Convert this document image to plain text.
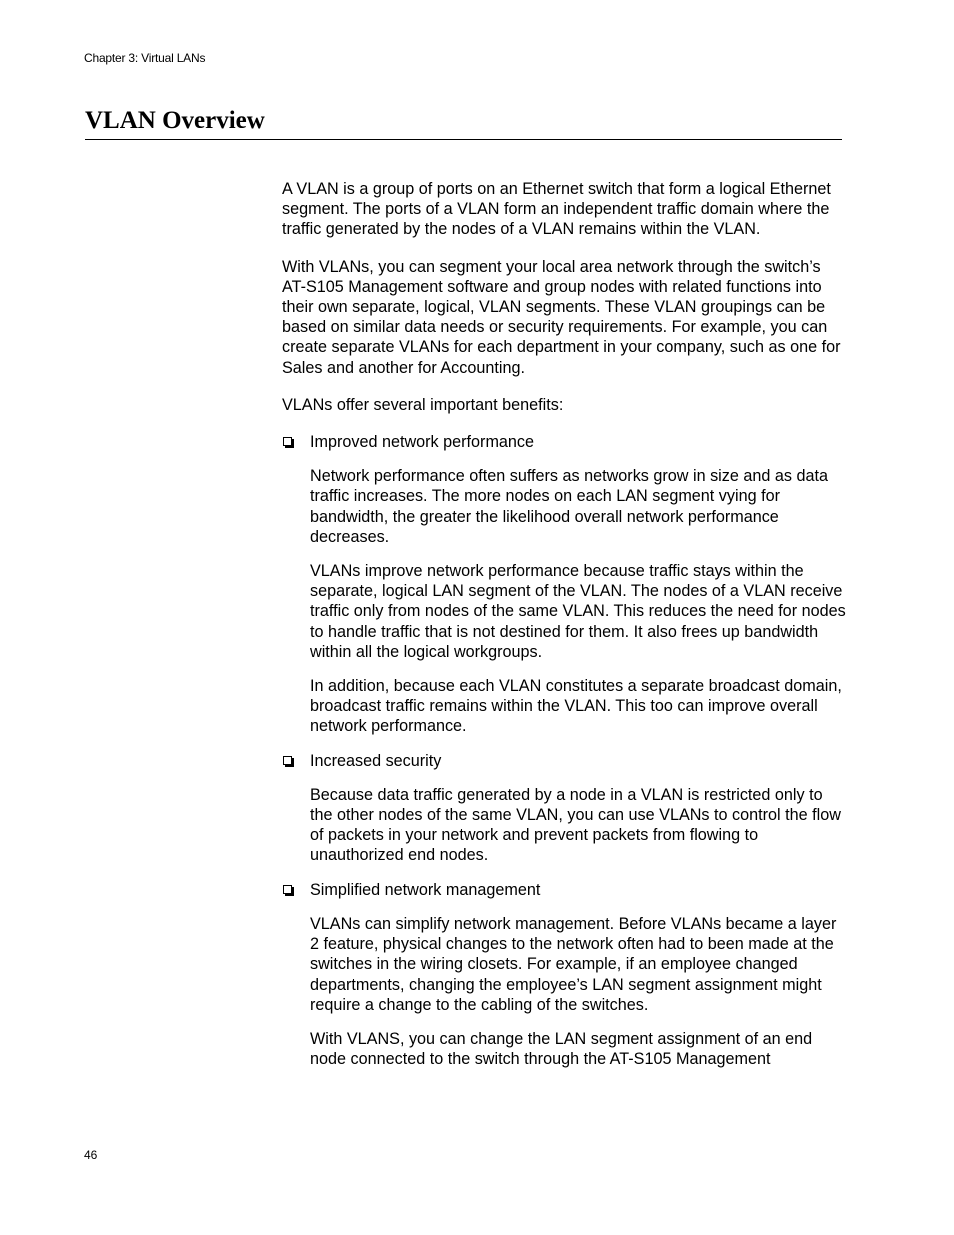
Chapter 3: Virtual LANs
VLAN Overview

A VLAN is a group of ports on an Ethernet switch that form a logical Ethernet segment. The ports of a VLAN form an independent traffic domain where the traffic generated by the nodes of a VLAN remains within the VLAN.

With VLANs, you can segment your local area network through the switch’s AT-S105 Management software and group nodes with related functions into their own separate, logical, VLAN segments. These VLAN groupings can be based on similar data needs or security requirements. For example, you can create separate VLANs for each department in your company, such as one for Sales and another for Accounting.

VLANs offer several important benefits:

Improved network performance

Network performance often suffers as networks grow in size and as data traffic increases. The more nodes on each LAN segment vying for bandwidth, the greater the likelihood overall network performance decreases.

VLANs improve network performance because traffic stays within the separate, logical LAN segment of the VLAN. The nodes of a VLAN receive traffic only from nodes of the same VLAN. This reduces the need for nodes to handle traffic that is not destined for them. It also frees up bandwidth within all the logical workgroups.

In addition, because each VLAN constitutes a separate broadcast domain, broadcast traffic remains within the VLAN. This too can improve overall network performance.

Increased security

Because data traffic generated by a node in a VLAN is restricted only to the other nodes of the same VLAN, you can use VLANs to control the flow of packets in your network and prevent packets from flowing to unauthorized end nodes.

Simplified network management

VLANs can simplify network management. Before VLANs became a layer 2 feature, physical changes to the network often had to been made at the switches in the wiring closets. For example, if an employee changed departments, changing the employee’s LAN segment assignment might require a change to the cabling of the switches.

With VLANS, you can change the LAN segment assignment of an end node connected to the switch through the AT-S105 Management

46
